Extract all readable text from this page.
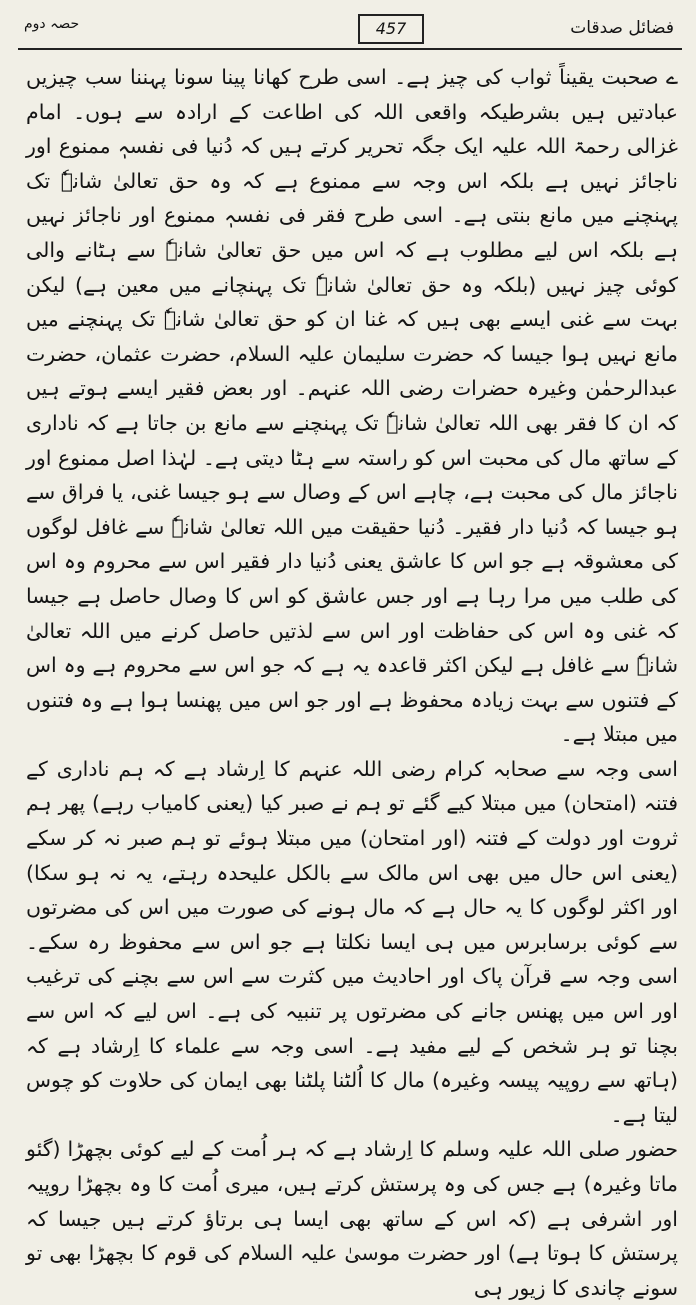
حصہ دوم	457	فضائل صدقات

ے صحبت یقیناً ثواب کی چیز ہے۔ اسی طرح کھانا پینا سونا پہننا سب چیزیں عبادتیں ہیں بشرطیکہ واقعی اللہ کی اطاعت کے ارادہ سے ہوں۔ امام غزالی رحمۃ اللہ علیہ ایک جگہ تحریر کرتے ہیں کہ دُنیا فی نفسہٖ ممنوع اور ناجائز نہیں ہے بلکہ اس وجہ سے ممنوع ہے کہ وہ حق تعالیٰ شانہٗ تک پہنچنے میں مانع بنتی ہے۔ اسی طرح فقر فی نفسہٖ ممنوع اور ناجائز نہیں ہے بلکہ اس لیے مطلوب ہے کہ اس میں حق تعالیٰ شانہٗ سے ہٹانے والی کوئی چیز نہیں (بلکہ وہ حق تعالیٰ شانہٗ تک پہنچانے میں معین ہے) لیکن بہت سے غنی ایسے بھی ہیں کہ غنا ان کو حق تعالیٰ شانہٗ تک پہنچنے میں مانع نہیں ہوا جیسا کہ حضرت سلیمان علیہ السلام، حضرت عثمان، حضرت عبدالرحمٰن وغیرہ حضرات رضی اللہ عنہم۔ اور بعض فقیر ایسے ہوتے ہیں کہ ان کا فقر بھی اللہ تعالیٰ شانہٗ تک پہنچنے سے مانع بن جاتا ہے کہ ناداری کے ساتھ مال کی محبت اس کو راستہ سے ہٹا دیتی ہے۔ لہٰذا اصل ممنوع اور ناجائز مال کی محبت ہے، چاہے اس کے وصال سے ہو جیسا غنی، یا فراق سے ہو جیسا کہ دُنیا دار فقیر۔ دُنیا حقیقت میں اللہ تعالیٰ شانہٗ سے غافل لوگوں کی معشوقہ ہے جو اس کا عاشق یعنی دُنیا دار فقیر اس سے محروم وہ اس کی طلب میں مرا رہا ہے اور جس عاشق کو اس کا وصال حاصل ہے جیسا کہ غنی وہ اس کی حفاظت اور اس سے لذتیں حاصل کرنے میں اللہ تعالیٰ شانہٗ سے غافل ہے لیکن اکثر قاعدہ یہ ہے کہ جو اس سے محروم ہے وہ اس کے فتنوں سے بہت زیادہ محفوظ ہے اور جو اس میں پھنسا ہوا ہے وہ فتنوں میں مبتلا ہے۔

اسی وجہ سے صحابہ کرام رضی اللہ عنہم کا اِرشاد ہے کہ ہم ناداری کے فتنہ (امتحان) میں مبتلا کیے گئے تو ہم نے صبر کیا (یعنی کامیاب رہے) پھر ہم ثروت اور دولت کے فتنہ (اور امتحان) میں مبتلا ہوئے تو ہم صبر نہ کر سکے (یعنی اس حال میں بھی اس مالک سے بالکل علیحدہ رہتے، یہ نہ ہو سکا) اور اکثر لوگوں کا یہ حال ہے کہ مال ہونے کی صورت میں اس کی مضرتوں سے کوئی برسابرس میں ہی ایسا نکلتا ہے جو اس سے محفوظ رہ سکے۔ اسی وجہ سے قرآن پاک اور احادیث میں کثرت سے اس سے بچنے کی ترغیب اور اس میں پھنس جانے کی مضرتوں پر تنبیہ کی ہے۔ اس لیے کہ اس سے بچنا تو ہر شخص کے لیے مفید ہے۔ اسی وجہ سے علماء کا اِرشاد ہے کہ (ہاتھ سے روپیہ پیسہ وغیرہ) مال کا اُلٹنا پلٹنا بھی ایمان کی حلاوت کو چوس لیتا ہے۔

حضور صلی اللہ علیہ وسلم کا اِرشاد ہے کہ ہر اُمت کے لیے کوئی بچھڑا (گئو ماتا وغیرہ) ہے جس کی وہ پرستش کرتے ہیں، میری اُمت کا وہ بچھڑا روپیہ اور اشرفی ہے (کہ اس کے ساتھ بھی ایسا ہی برتاؤ کرتے ہیں جیسا کہ پرستش کا ہوتا ہے) اور حضرت موسیٰ علیہ السلام کی قوم کا بچھڑا بھی تو سونے چاندی کا زیور ہی
